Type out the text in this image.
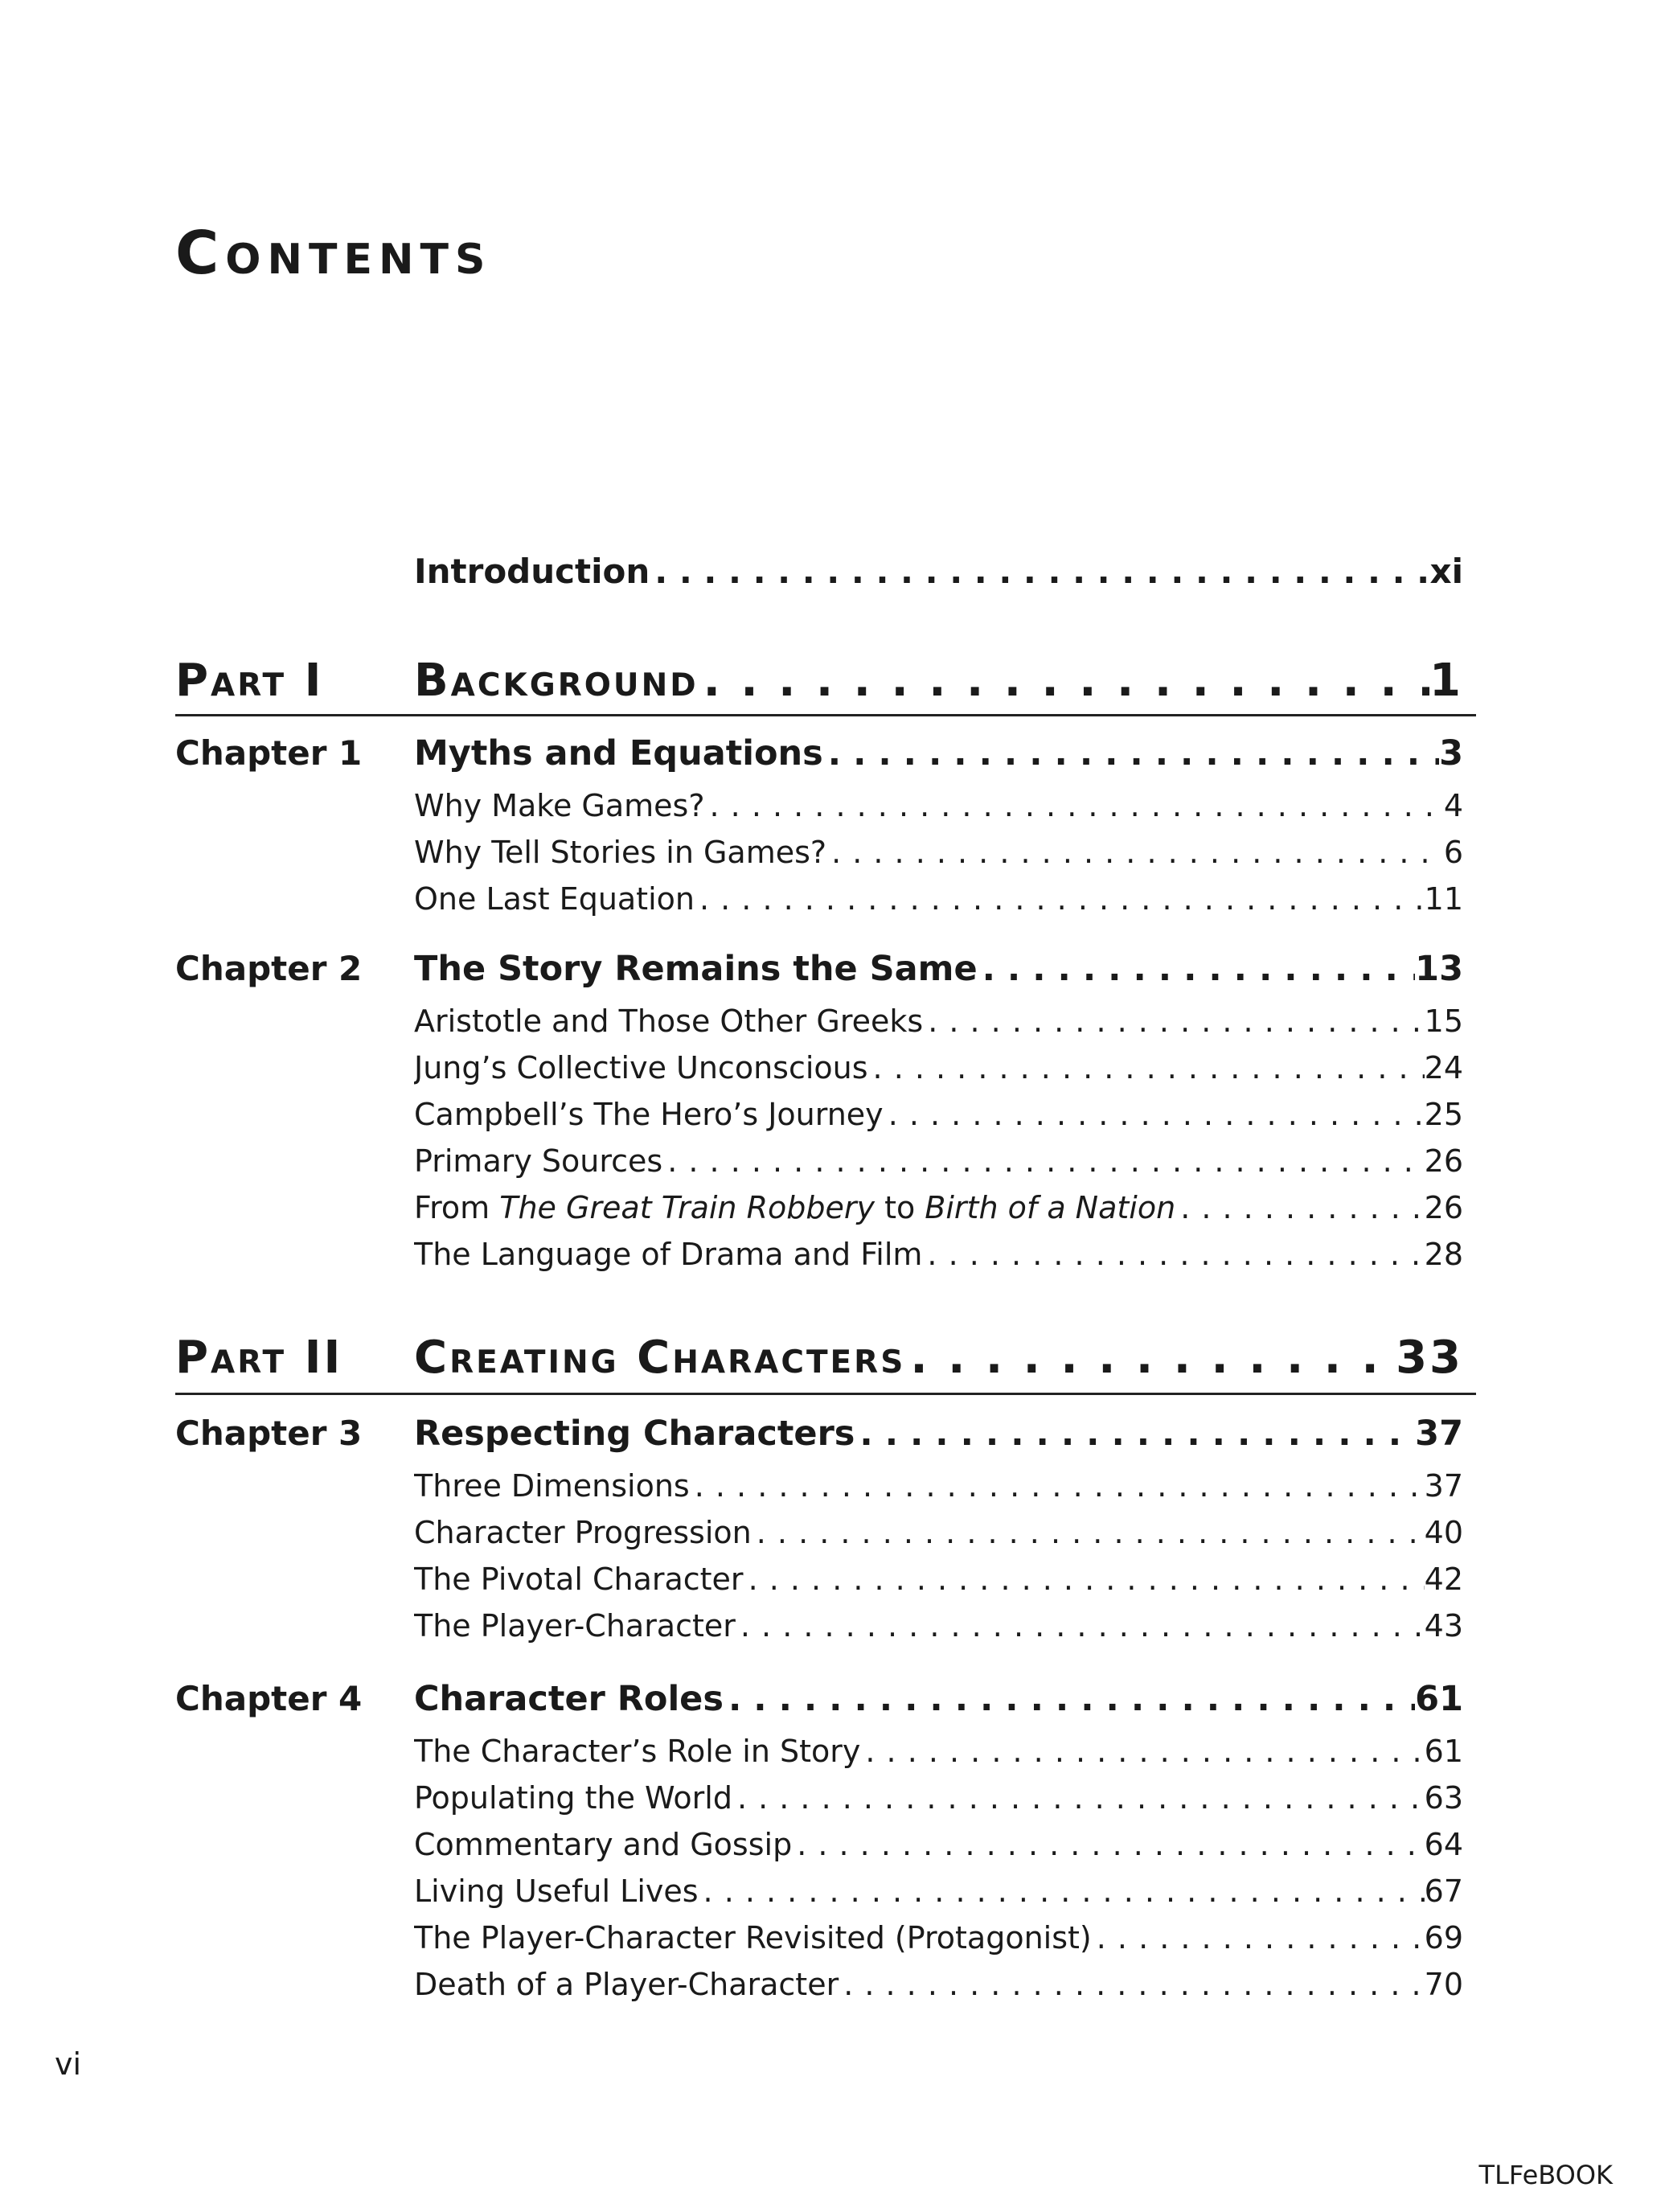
Contents
Introduction . . .	xi
Part I Background . . .	1
Chapter 1 Myths and Equations . . .	3
Why Make Games? . . .	4
Why Tell Stories in Games? . . .	6
One Last Equation . . .	11
Chapter 2 The Story Remains the Same . . .	13
Aristotle and Those Other Greeks . . .	15
Jung’s Collective Unconscious . . .	24
Campbell’s The Hero’s Journey . . .	25
Primary Sources . . .	26
From The Great Train Robbery to Birth of a Nation . . .	26
The Language of Drama and Film . . .	28
Part II Creating Characters . . .	33
Chapter 3 Respecting Characters . . .	37
Three Dimensions . . .	37
Character Progression . . .	40
The Pivotal Character . . .	42
The Player-Character . . .	43
Chapter 4 Character Roles . . .	61
The Character’s Role in Story . . .	61
Populating the World . . .	63
Commentary and Gossip . . .	64
Living Useful Lives . . .	67
The Player-Character Revisited (Protagonist) . . .	69
Death of a Player-Character . . .	70
vi
TLFeBOOK
